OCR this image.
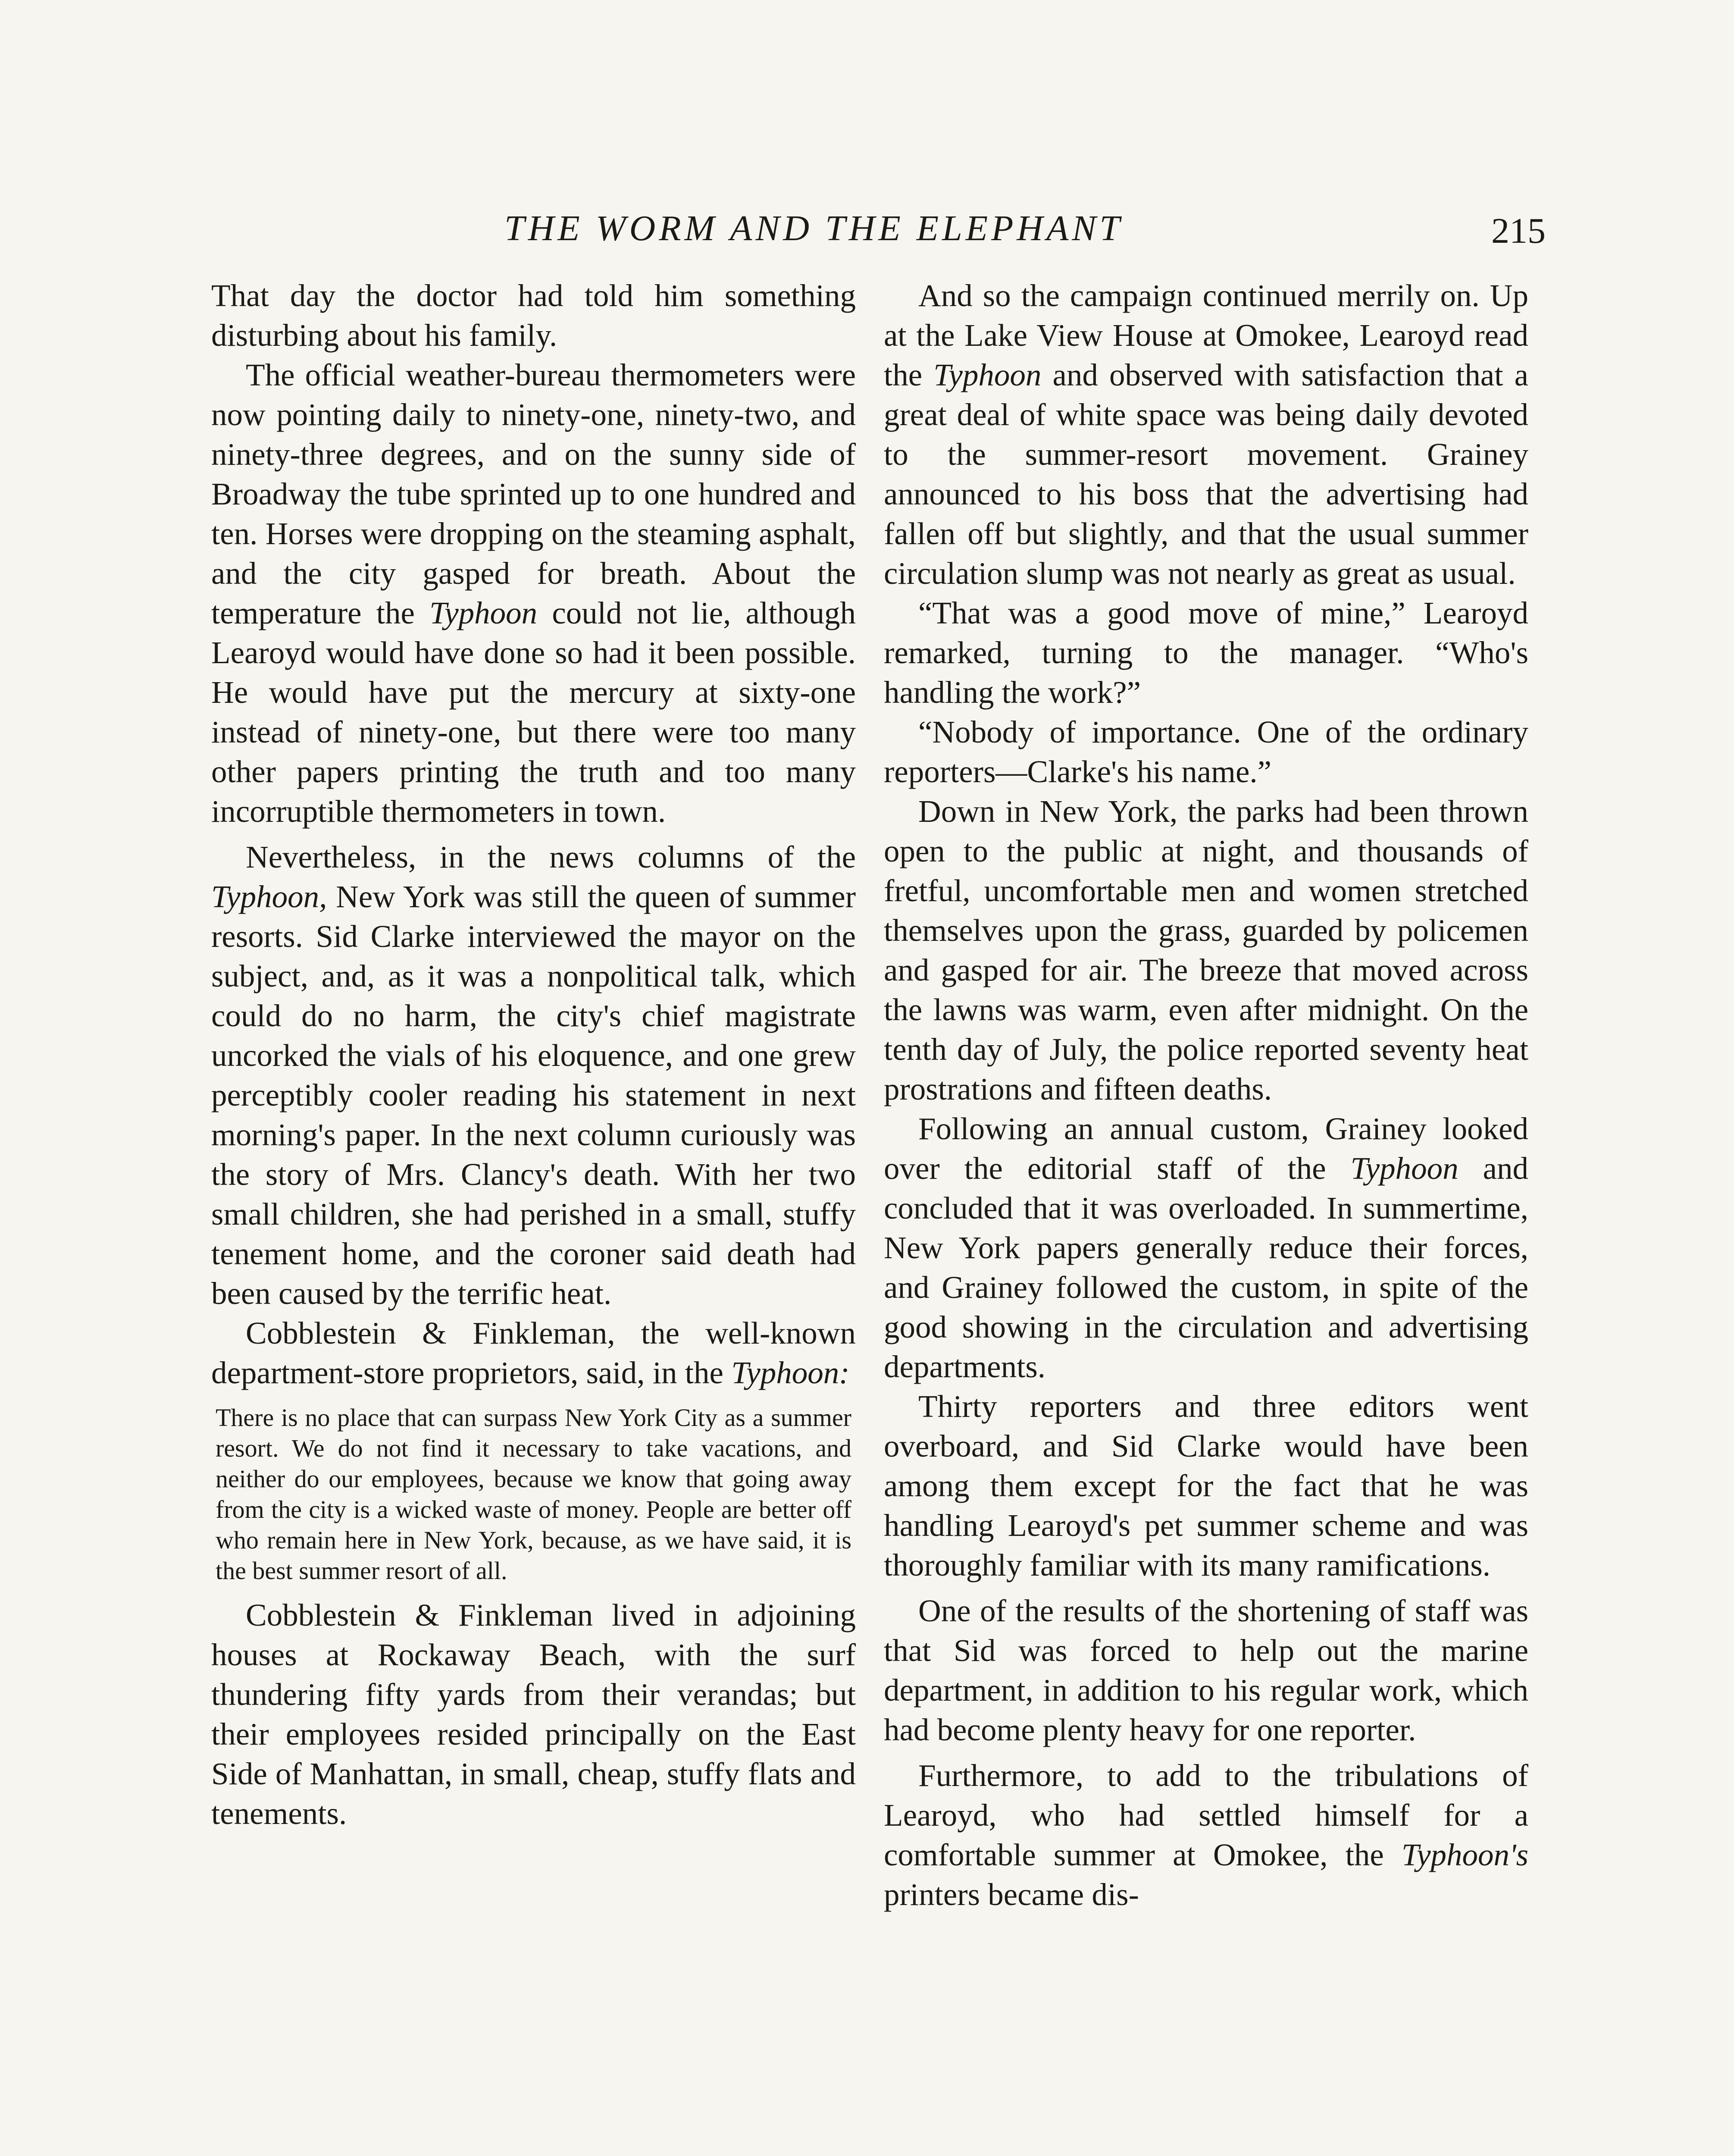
THE WORM AND THE ELEPHANT	215

That day the doctor had told him something disturbing about his family.

The official weather-bureau thermometers were now pointing daily to ninety-one, ninety-two, and ninety-three degrees, and on the sunny side of Broadway the tube sprinted up to one hundred and ten. Horses were dropping on the steaming asphalt, and the city gasped for breath. About the temperature the Typhoon could not lie, although Learoyd would have done so had it been possible. He would have put the mercury at sixty-one instead of ninety-one, but there were too many other papers printing the truth and too many incorruptible thermometers in town.

Nevertheless, in the news columns of the Typhoon, New York was still the queen of summer resorts. Sid Clarke interviewed the mayor on the subject, and, as it was a nonpolitical talk, which could do no harm, the city's chief magistrate uncorked the vials of his eloquence, and one grew perceptibly cooler reading his statement in next morning's paper. In the next column curiously was the story of Mrs. Clancy's death. With her two small children, she had perished in a small, stuffy tenement home, and the coroner said death had been caused by the terrific heat.

Cobblestein & Finkleman, the well-known department-store proprietors, said, in the Typhoon:

There is no place that can surpass New York City as a summer resort. We do not find it necessary to take vacations, and neither do our employees, because we know that going away from the city is a wicked waste of money. People are better off who remain here in New York, because, as we have said, it is the best summer resort of all.

Cobblestein & Finkleman lived in adjoining houses at Rockaway Beach, with the surf thundering fifty yards from their verandas; but their employees resided principally on the East Side of Manhattan, in small, cheap, stuffy flats and tenements.

And so the campaign continued merrily on. Up at the Lake View House at Omokee, Learoyd read the Typhoon and observed with satisfaction that a great deal of white space was being daily devoted to the summer-resort movement. Grainey announced to his boss that the advertising had fallen off but slightly, and that the usual summer circulation slump was not nearly as great as usual.

“That was a good move of mine,” Learoyd remarked, turning to the manager. “Who's handling the work?”

“Nobody of importance. One of the ordinary reporters—Clarke's his name.”

Down in New York, the parks had been thrown open to the public at night, and thousands of fretful, uncomfortable men and women stretched themselves upon the grass, guarded by policemen and gasped for air. The breeze that moved across the lawns was warm, even after midnight. On the tenth day of July, the police reported seventy heat prostrations and fifteen deaths.

Following an annual custom, Grainey looked over the editorial staff of the Typhoon and concluded that it was overloaded. In summertime, New York papers generally reduce their forces, and Grainey followed the custom, in spite of the good showing in the circulation and advertising departments.

Thirty reporters and three editors went overboard, and Sid Clarke would have been among them except for the fact that he was handling Learoyd's pet summer scheme and was thoroughly familiar with its many ramifications.

One of the results of the shortening of staff was that Sid was forced to help out the marine department, in addition to his regular work, which had become plenty heavy for one reporter.

Furthermore, to add to the tribulations of Learoyd, who had settled himself for a comfortable summer at Omokee, the Typhoon's printers became dis-
